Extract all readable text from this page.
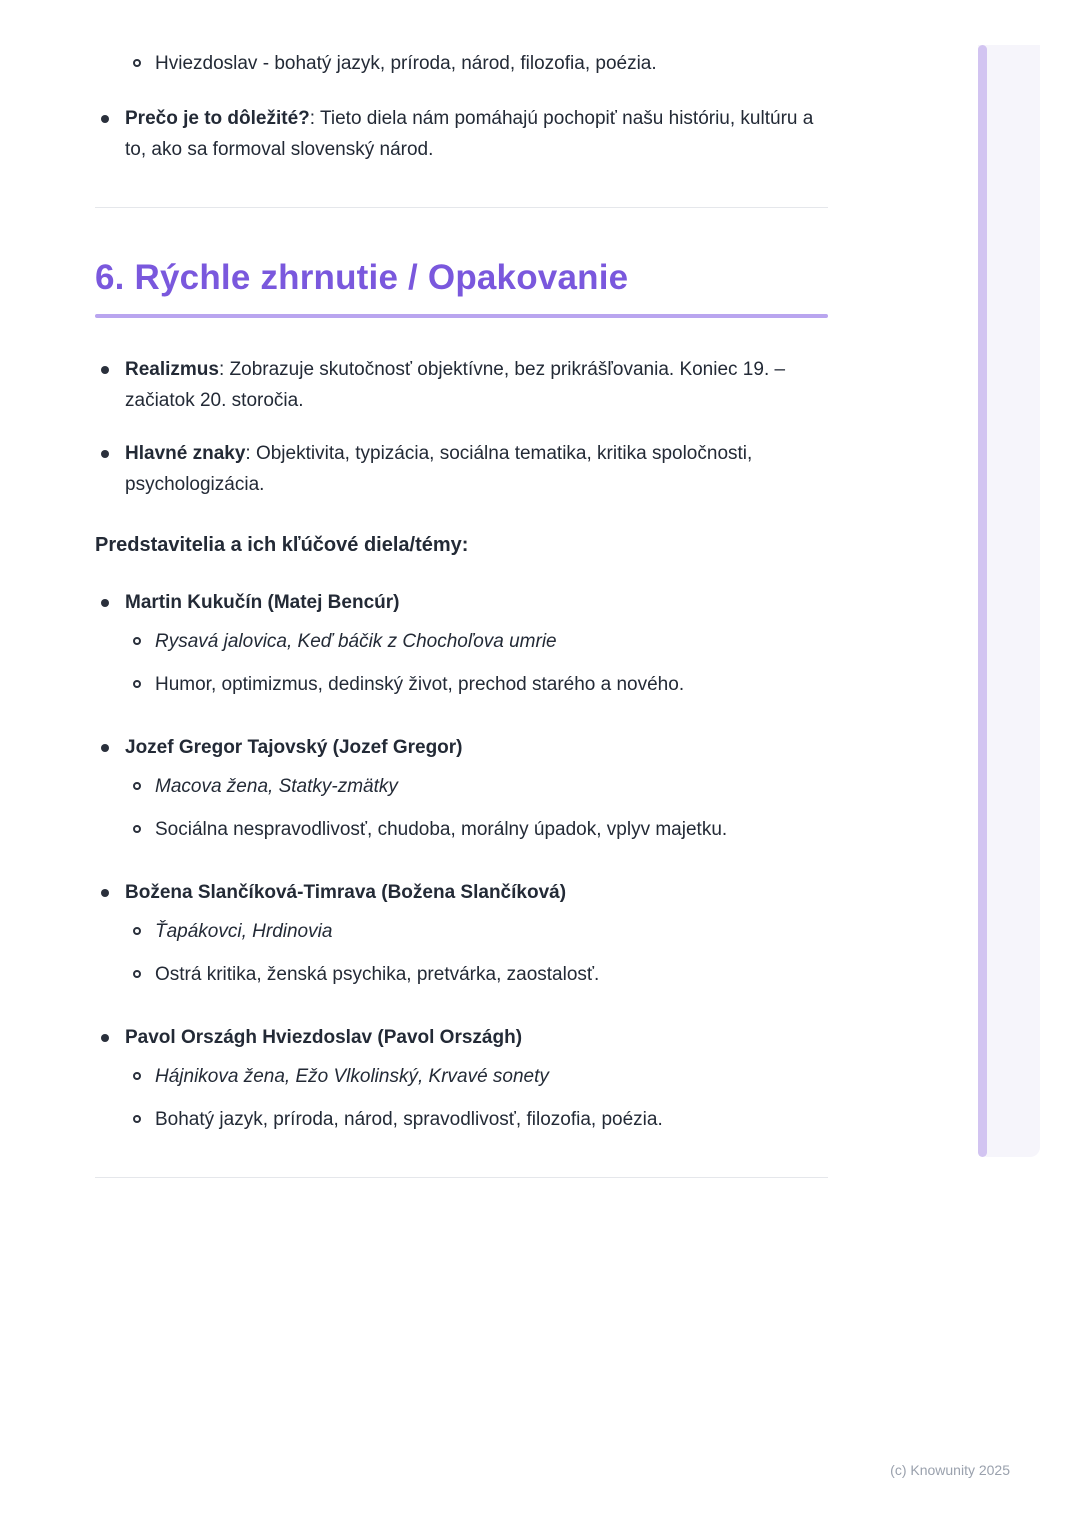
Hviezdoslav - bohatý jazyk, príroda, národ, filozofia, poézia.

Prečo je to dôležité?: Tieto diela nám pomáhajú pochopiť našu históriu, kultúru a to, ako sa formoval slovenský národ.

6. Rýchle zhrnutie / Opakovanie

Realizmus: Zobrazuje skutočnosť objektívne, bez prikrášľovania. Koniec 19. – začiatok 20. storočia.

Hlavné znaky: Objektivita, typizácia, sociálna tematika, kritika spoločnosti, psychologizácia.

Predstavitelia a ich kľúčové diela/témy:

Martin Kukučín (Matej Bencúr)

Rysavá jalovica, Keď báčik z Chochoľova umrie

Humor, optimizmus, dedinský život, prechod starého a nového.

Jozef Gregor Tajovský (Jozef Gregor)

Macova žena, Statky-zmätky

Sociálna nespravodlivosť, chudoba, morálny úpadok, vplyv majetku.

Božena Slančíková-Timrava (Božena Slančíková)

Ťapákovci, Hrdinovia

Ostrá kritika, ženská psychika, pretvárka, zaostalosť.

Pavol Országh Hviezdoslav (Pavol Országh)

Hájnikova žena, Ežo Vlkolinský, Krvavé sonety

Bohatý jazyk, príroda, národ, spravodlivosť, filozofia, poézia.

(c) Knowunity 2025
